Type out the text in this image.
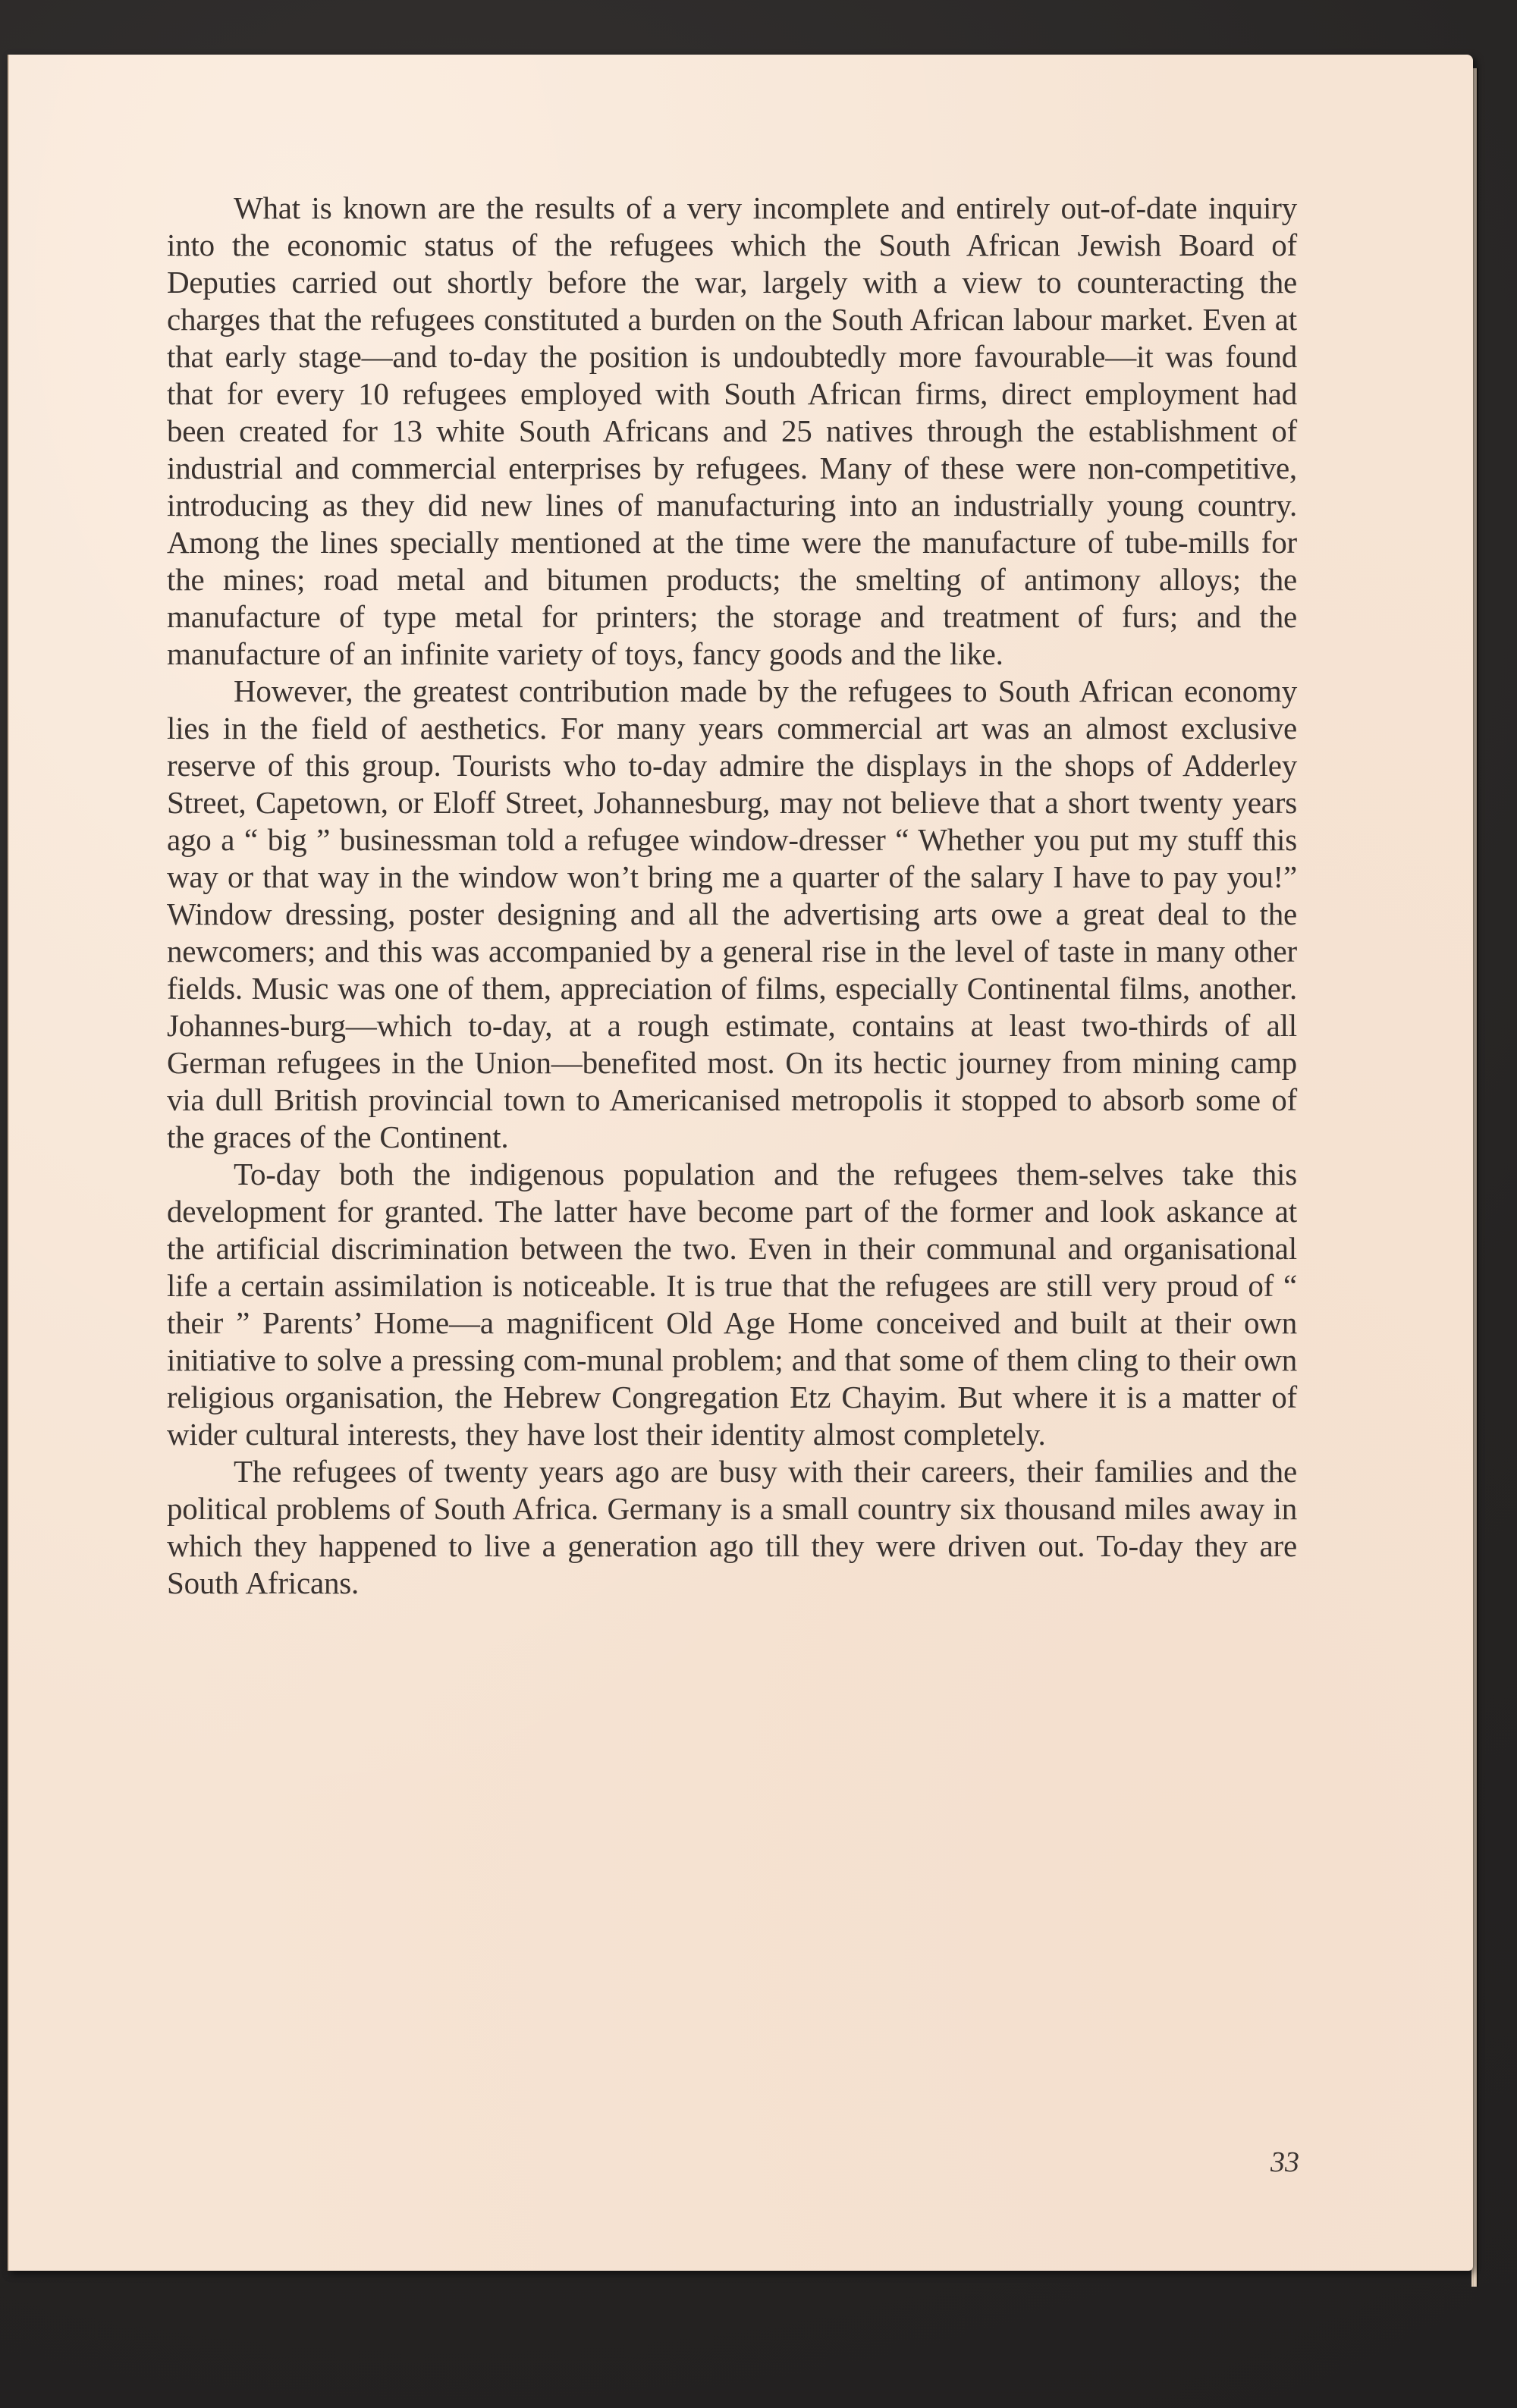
What is known are the results of a very incomplete and entirely out-of-date inquiry into the economic status of the refugees which the South African Jewish Board of Deputies carried out shortly before the war, largely with a view to counteracting the charges that the refugees constituted a burden on the South African labour market. Even at that early stage—and to-day the position is undoubtedly more favourable—it was found that for every 10 refugees employed with South African firms, direct employment had been created for 13 white South Africans and 25 natives through the establishment of industrial and commercial enterprises by refugees. Many of these were non-competitive, introducing as they did new lines of manufacturing into an industrially young country. Among the lines specially mentioned at the time were the manufacture of tube-mills for the mines; road metal and bitumen products; the smelting of antimony alloys; the manufacture of type metal for printers; the storage and treatment of furs; and the manufacture of an infinite variety of toys, fancy goods and the like.

However, the greatest contribution made by the refugees to South African economy lies in the field of aesthetics. For many years commercial art was an almost exclusive reserve of this group. Tourists who to-day admire the displays in the shops of Adderley Street, Capetown, or Eloff Street, Johannesburg, may not believe that a short twenty years ago a “ big ” businessman told a refugee window-dresser “ Whether you put my stuff this way or that way in the window won’t bring me a quarter of the salary I have to pay you!” Window dressing, poster designing and all the advertising arts owe a great deal to the newcomers; and this was accompanied by a general rise in the level of taste in many other fields. Music was one of them, appreciation of films, especially Continental films, another. Johannes-burg—which to-day, at a rough estimate, contains at least two-thirds of all German refugees in the Union—benefited most. On its hectic journey from mining camp via dull British provincial town to Americanised metropolis it stopped to absorb some of the graces of the Continent.

To-day both the indigenous population and the refugees them-selves take this development for granted. The latter have become part of the former and look askance at the artificial discrimination between the two. Even in their communal and organisational life a certain assimilation is noticeable. It is true that the refugees are still very proud of “ their ” Parents’ Home—a magnificent Old Age Home conceived and built at their own initiative to solve a pressing com-munal problem; and that some of them cling to their own religious organisation, the Hebrew Congregation Etz Chayim. But where it is a matter of wider cultural interests, they have lost their identity almost completely.

The refugees of twenty years ago are busy with their careers, their families and the political problems of South Africa. Germany is a small country six thousand miles away in which they happened to live a generation ago till they were driven out. To-day they are South Africans.

33
